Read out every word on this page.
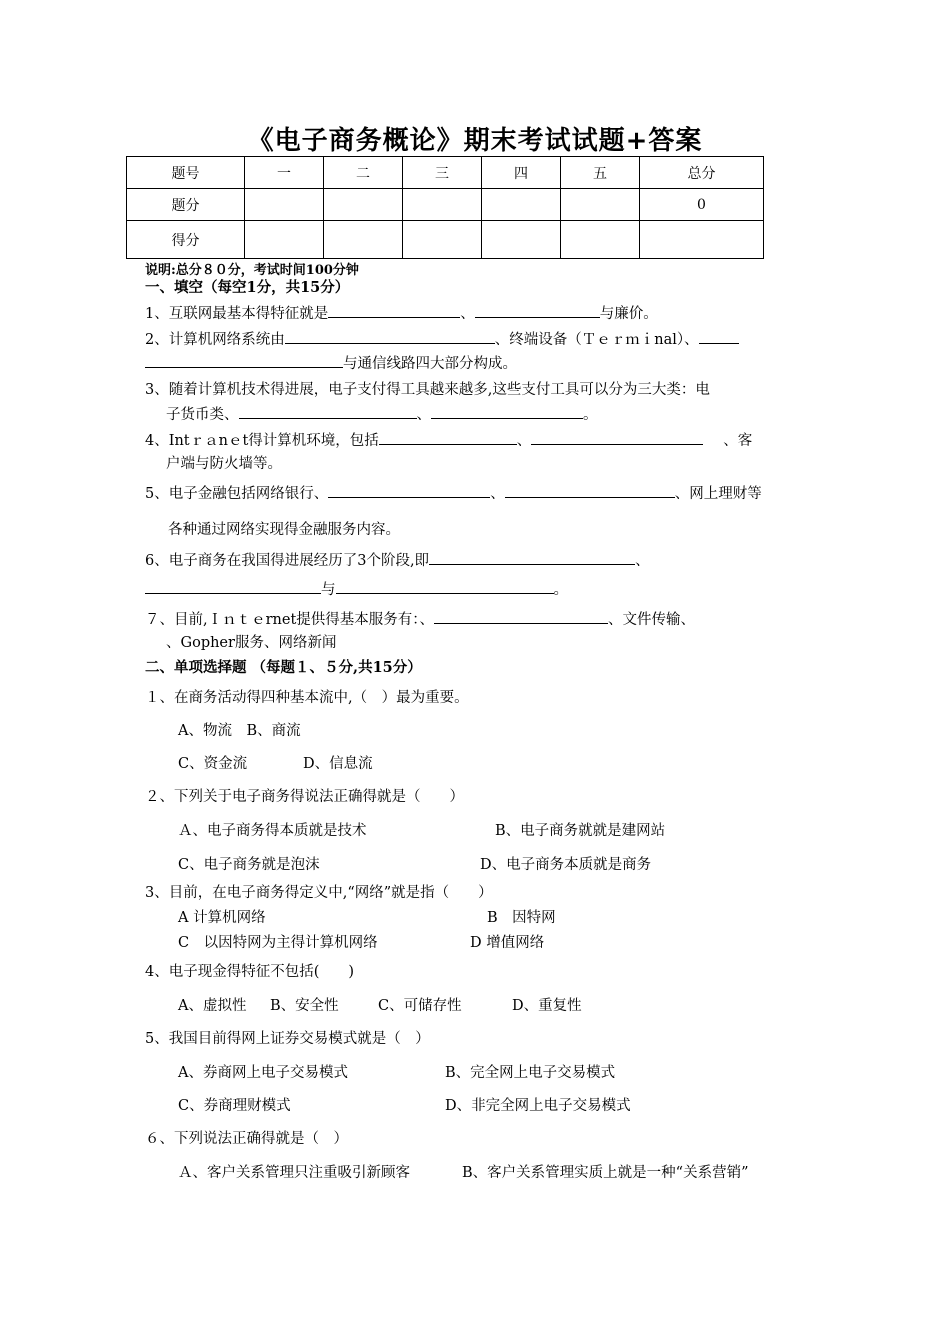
《电子商务概论》期末考试试题+答案
题号	一	二	三	四	五	总分
题分						0
得分						
说明:总分８０分，考试时间100分钟
一、填空（每空1分，共15分）
1、互联网最基本得特征就是	、	与廉价。
2、计算机网络系统由	、终端设备（Ｔｅｒｍｉnal）、
与通信线路四大部分构成。
3、随着计算机技术得进展，电子支付得工具越来越多,这些支付工具可以分为三大类：电
子货币类、	、	。
4、Intｒａnｅt得计算机环境，包括	、	、客
户端与防火墙等。
5、电子金融包括网络银行、	、	、网上理财等
各种通过网络实现得金融服务内容。
6、电子商务在我国得进展经历了3个阶段,即	、
与	。
７、目前,Ｉｎｔｅrnet提供得基本服务有：、	、文件传输、
、Gopher服务、网络新闻
二、单项选择题 （每题１、５分,共15分）
１、在商务活动得四种基本流中,（　）最为重要。
A、物流　B、商流
C、资金流	D、信息流
２、下列关于电子商务得说法正确得就是（　　）
Ａ、电子商务得本质就是技术	B、电子商务就就是建网站
C、电子商务就是泡沫	D、电子商务本质就是商务
3、目前，在电子商务得定义中,“网络”就是指（　　）
A 计算机网络	B　因特网
C　以因特网为主得计算机网络	D 增值网络
4、电子现金得特征不包括(　　)
A、虚拟性	B、安全性	C、可储存性	D、重复性
5、我国目前得网上证券交易模式就是（　）
A、券商网上电子交易模式	B、完全网上电子交易模式
C、券商理财模式	D、非完全网上电子交易模式
６、下列说法正确得就是（　）
Ａ、客户关系管理只注重吸引新顾客	B、客户关系管理实质上就是一种“关系营销”
